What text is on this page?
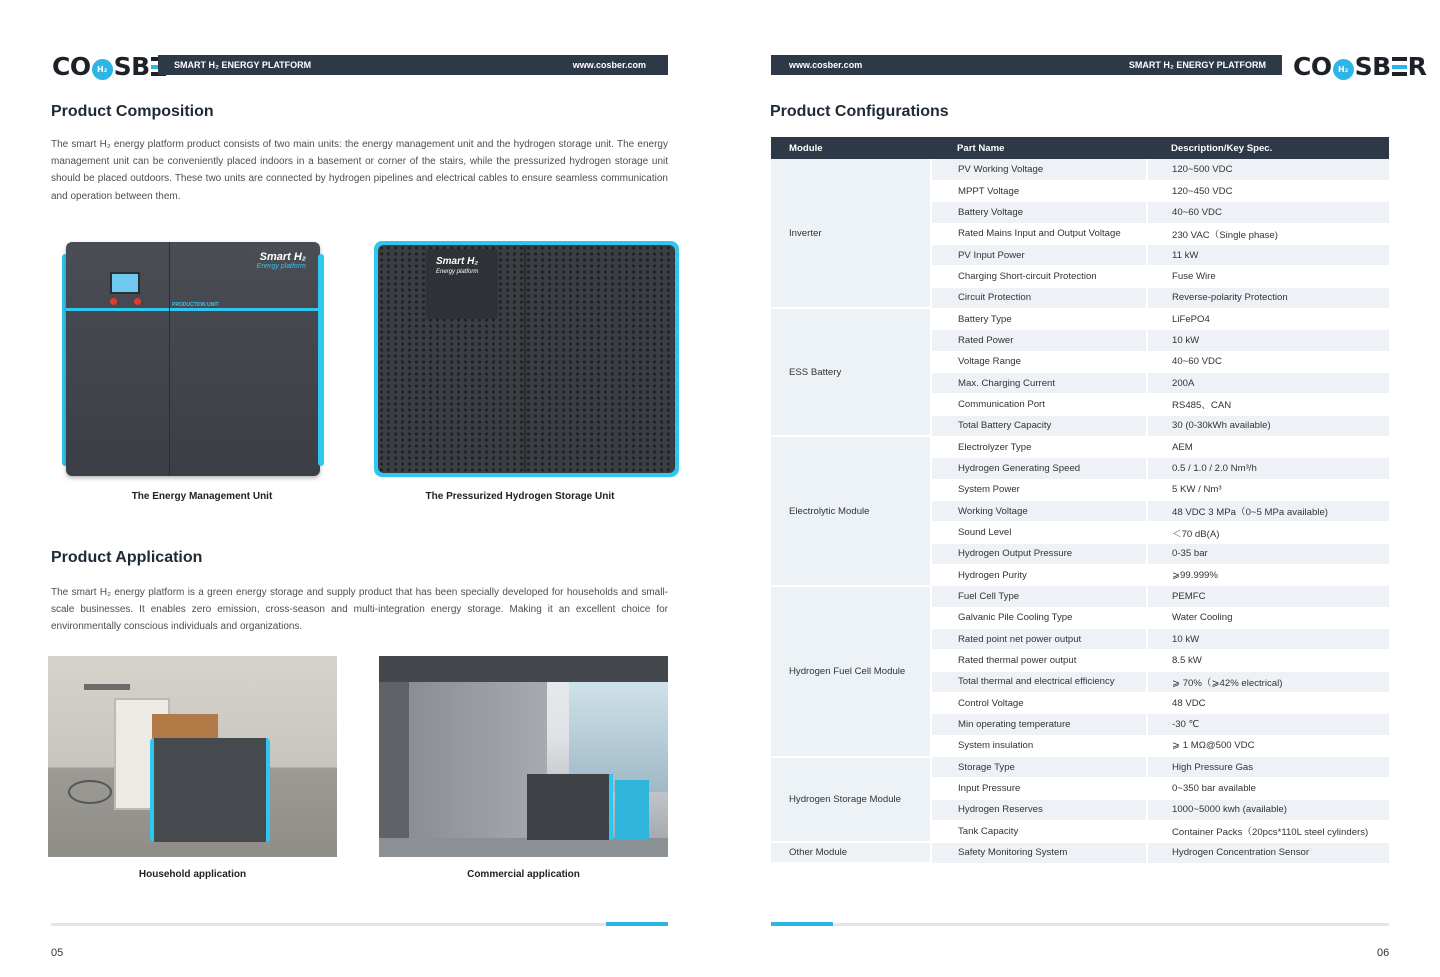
CO H₂ SB	SMART H₂ ENERGY PLATFORM	www.cosber.com
Product Composition

The smart H₂ energy platform product consists of two main units: the energy management unit and the hydrogen storage unit. The energy management unit can be conveniently placed indoors in a basement or corner of the stairs, while the pressurized hydrogen storage unit should be placed outdoors. These two units are connected by hydrogen pipelines and electrical cables to ensure seamless communication and operation between them.

Smart H₂
Energy platform
PRODUCTION UNIT
Smart H₂
Energy platform
The Energy Management Unit	The Pressurized Hydrogen Storage Unit
Product Application

The smart H₂ energy platform is a green energy storage and supply product that has been specially developed for households and small-scale businesses. It enables zero emission, cross-season and multi-integration energy storage. Making it an excellent choice for environmentally conscious individuals and organizations.

Household application	Commercial application
05
www.cosber.com	SMART H₂ ENERGY PLATFORM CO H₂ SB R
Product Configurations
Module	Part Name	Description/Key Spec.
Inverter	PV Working Voltage	120~500 VDC
	MPPT Voltage	120~450 VDC
	Battery Voltage	40~60 VDC
	Rated Mains Input and Output Voltage	230 VAC（Single phase)
	PV Input Power	11 kW
	Charging Short-circuit Protection	Fuse Wire
	Circuit Protection	Reverse-polarity Protection
ESS Battery	Battery Type	LiFePO4
	Rated Power	10 kW
	Voltage Range	40~60 VDC
	Max. Charging Current	200A
	Communication Port	RS485、CAN
	Total Battery Capacity	30 (0-30kWh available)
Electrolytic Module	Electrolyzer Type	AEM
	Hydrogen Generating Speed	0.5 / 1.0 / 2.0 Nm³/h
	System Power	5 KW / Nm³
	Working Voltage	48 VDC 3 MPa（0~5 MPa available)
	Sound Level	＜70 dB(A)
	Hydrogen Output Pressure	0-35 bar
	Hydrogen Purity	⩾99.999%
Hydrogen Fuel Cell Module	Fuel Cell Type	PEMFC
	Galvanic Pile Cooling Type	Water Cooling
	Rated point net power output	10 kW
	Rated thermal power output	8.5 kW
	Total thermal and electrical efficiency	⩾ 70%（⩾42% electrical)
	Control Voltage	48 VDC
	Min operating temperature	-30 ℃
	System insulation	⩾ 1 MΩ@500 VDC
Hydrogen Storage Module	Storage Type	High Pressure Gas
	Input Pressure	0~350 bar available
	Hydrogen Reserves	1000~5000 kwh (available)
	Tank Capacity	Container Packs（20pcs*110L steel cylinders)
Other Module	Safety Monitoring System	Hydrogen Concentration Sensor
06
